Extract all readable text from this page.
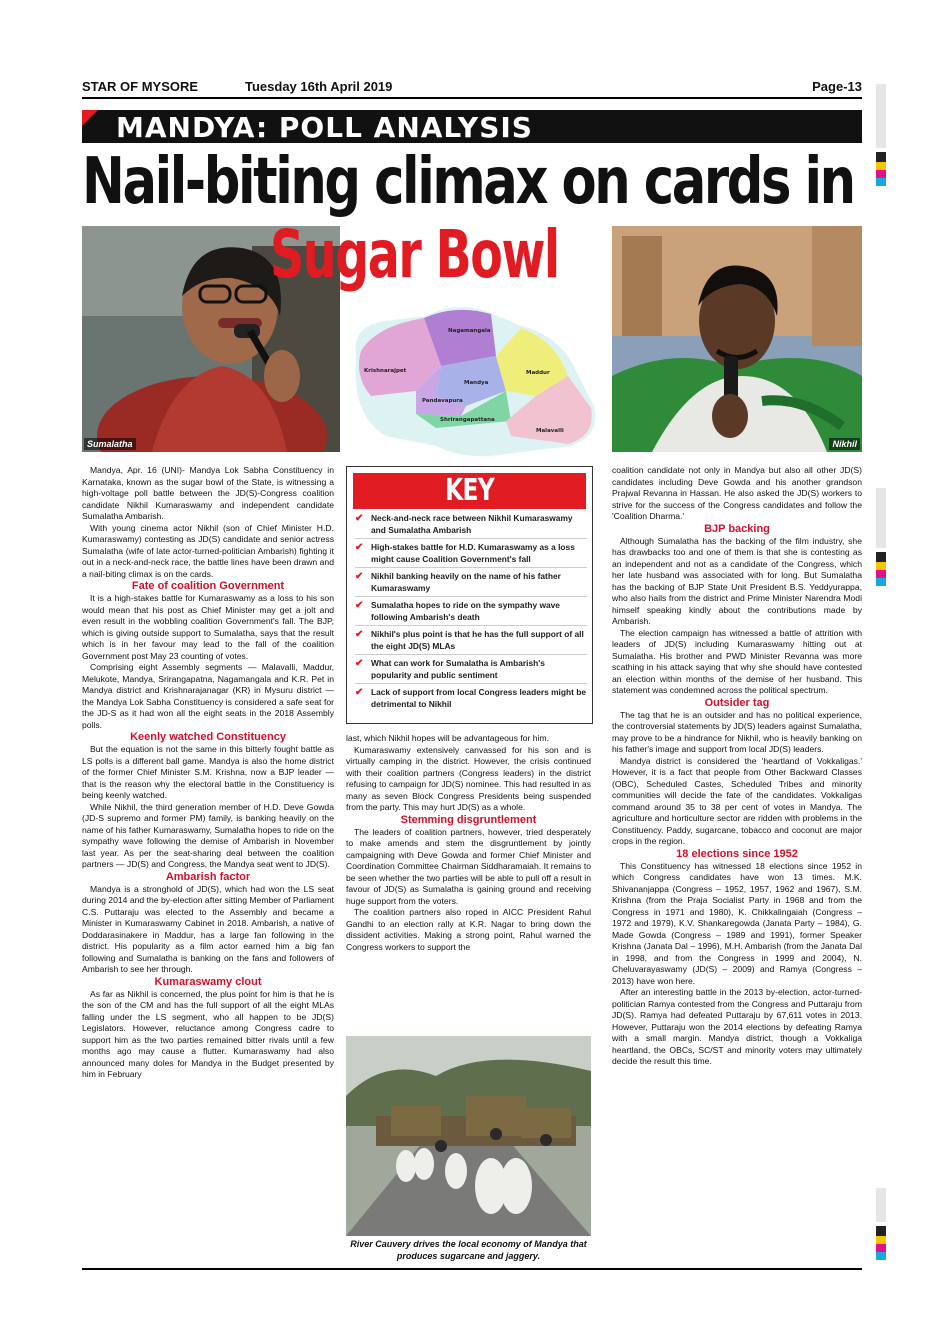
STAR OF MYSORE	Tuesday 16th April 2019	Page-13
MANDYA: POLL ANALYSIS
Nail-biting climax on cards in
Sumalatha	Nikhil
Sugar Bowl
Nagamangala
Krishnarajpet
Mandya
Maddur
Pandavapura
Shrirangapattana
Malavalli

Mandya, Apr. 16 (UNI)- Mandya Lok Sabha Constituency in Karnataka, known as the sugar bowl of the State, is witnessing a high-voltage poll battle between the JD(S)-Congress coalition candidate Nikhil Kumaraswamy and independent candidate Sumalatha Ambarish.

With young cinema actor Nikhil (son of Chief Minister H.D. Kumaraswamy) contesting as JD(S) candidate and senior actress Sumalatha (wife of late actor-turned-politician Ambarish) fighting it out in a neck-and-neck race, the battle lines have been drawn and a nail-biting climax is on the cards.

Fate of coalition Government

It is a high-stakes battle for Kumaraswamy as a loss to his son would mean that his post as Chief Minister may get a jolt and even result in the wobbling coalition Government's fall. The BJP, which is giving outside support to Sumalatha, says that the result which is in her favour may lead to the fall of the coalition Government post May 23 counting of votes.

Comprising eight Assembly segments — Malavalli, Maddur, Melukote, Mandya, Srirangapatna, Nagamangala and K.R. Pet in Mandya district and Krishnarajanagar (KR) in Mysuru district — the Mandya Lok Sabha Constituency is considered a safe seat for the JD-S as it had won all the eight seats in the 2018 Assembly polls.

Keenly watched Constituency

But the equation is not the same in this bitterly fought battle as LS polls is a different ball game. Mandya is also the home district of the former Chief Minister S.M. Krishna, now a BJP leader — that is the reason why the electoral battle in the Constituency is being keenly watched.

While Nikhil, the third generation member of H.D. Deve Gowda (JD-S supremo and former PM) family, is banking heavily on the name of his father Kumaraswamy, Sumalatha hopes to ride on the sympathy wave following the demise of Ambarish in November last year. As per the seat-sharing deal between the coalition partners — JD(S) and Congress, the Mandya seat went to JD(S).

Ambarish factor

Mandya is a stronghold of JD(S), which had won the LS seat during 2014 and the by-election after sitting Member of Parliament C.S. Puttaraju was elected to the Assembly and became a Minister in Kumaraswamy Cabinet in 2018. Ambarish, a native of Doddarasinakere in Maddur, has a large fan following in the district. His popularity as a film actor earned him a big fan following and Sumalatha is banking on the fans and followers of Ambarish to see her through.

Kumaraswamy clout

As far as Nikhil is concerned, the plus point for him is that he is the son of the CM and has the full support of all the eight MLAs falling under the LS segment, who all happen to be JD(S) Legislators. However, reluctance among Congress cadre to support him as the two parties remained bitter rivals until a few months ago may cause a flutter. Kumaraswamy had also announced many doles for Mandya in the Budget presented by him in February

KEY
✔ Neck-and-neck race between Nikhil Kumaraswamy and Sumalatha Ambarish
✔ High-stakes battle for H.D. Kumaraswamy as a loss might cause Coalition Government's fall
✔ Nikhil banking heavily on the name of his father Kumaraswamy
✔ Sumalatha hopes to ride on the sympathy wave following Ambarish's death
✔ Nikhil's plus point is that he has the full support of all the eight JD(S) MLAs
✔ What can work for Sumalatha is Ambarish's popularity and public sentiment
✔ Lack of support from local Congress leaders might be detrimental to Nikhil

last, which Nikhil hopes will be advantageous for him.

Kumaraswamy extensively canvassed for his son and is virtually camping in the district. However, the crisis continued with their coalition partners (Congress leaders) in the district refusing to campaign for JD(S) nominee. This had resulted in as many as seven Block Congress Presidents being suspended from the party. This may hurt JD(S) as a whole.

Stemming disgruntlement

The leaders of coalition partners, however, tried desperately to make amends and stem the disgruntlement by jointly campaigning with Deve Gowda and former Chief Minister and Coordination Committee Chairman Siddharamaiah. It remains to be seen whether the two parties will be able to pull off a result in favour of JD(S) as Sumalatha is gaining ground and receiving huge support from the voters.

The coalition partners also roped in AICC President Rahul Gandhi to an election rally at K.R. Nagar to bring down the dissident activities. Making a strong point, Rahul warned the Congress workers to support the

River Cauvery drives the local economy of Mandya that produces sugarcane and jaggery.

coalition candidate not only in Mandya but also all other JD(S) candidates including Deve Gowda and his another grandson Prajwal Revanna in Hassan. He also asked the JD(S) workers to strive for the success of the Congress candidates and follow the 'Coalition Dharma.'

BJP backing

Although Sumalatha has the backing of the film industry, she has drawbacks too and one of them is that she is contesting as an independent and not as a candidate of the Congress, which her late husband was associated with for long. But Sumalatha has the backing of BJP State Unit President B.S. Yeddyurappa, who also hails from the district and Prime Minister Narendra Modi himself speaking kindly about the contributions made by Ambarish.

The election campaign has witnessed a battle of attrition with leaders of JD(S) including Kumaraswamy hitting out at Sumalatha. His brother and PWD Minister Revanna was more scathing in his attack saying that why she should have contested an election within months of the demise of her husband. This statement was condemned across the political spectrum.

Outsider tag

The tag that he is an outsider and has no political experience, the controversial statements by JD(S) leaders against Sumalatha, may prove to be a hindrance for Nikhil, who is heavily banking on his father's image and support from local JD(S) leaders.

Mandya district is considered the 'heartland of Vokkaligas.' However, it is a fact that people from Other Backward Classes (OBC), Scheduled Castes, Scheduled Tribes and minority communities will decide the fate of the candidates. Vokkaligas command around 35 to 38 per cent of votes in Mandya. The agriculture and horticulture sector are ridden with problems in the Constituency. Paddy, sugarcane, tobacco and coconut are major crops in the region.

18 elections since 1952

This Constituency has witnessed 18 elections since 1952 in which Congress candidates have won 13 times. M.K. Shivananjappa (Congress – 1952, 1957, 1962 and 1967), S.M. Krishna (from the Praja Socialist Party in 1968 and from the Congress in 1971 and 1980), K. Chikkalingaiah (Congress – 1972 and 1979), K.V. Shankaregowda (Janata Party – 1984), G. Made Gowda (Congress – 1989 and 1991), former Speaker Krishna (Janata Dal – 1996), M.H. Ambarish (from the Janata Dal in 1998, and from the Congress in 1999 and 2004), N. Cheluvarayaswamy (JD(S) – 2009) and Ramya (Congress – 2013) have won here.

After an interesting battle in the 2013 by-election, actor-turned-politician Ramya contested from the Congress and Puttaraju from JD(S). Ramya had defeated Puttaraju by 67,611 votes in 2013. However, Puttaraju won the 2014 elections by defeating Ramya with a small margin. Mandya district, though a Vokkaliga heartland, the OBCs, SC/ST and minority voters may ultimately decide the result this time.
